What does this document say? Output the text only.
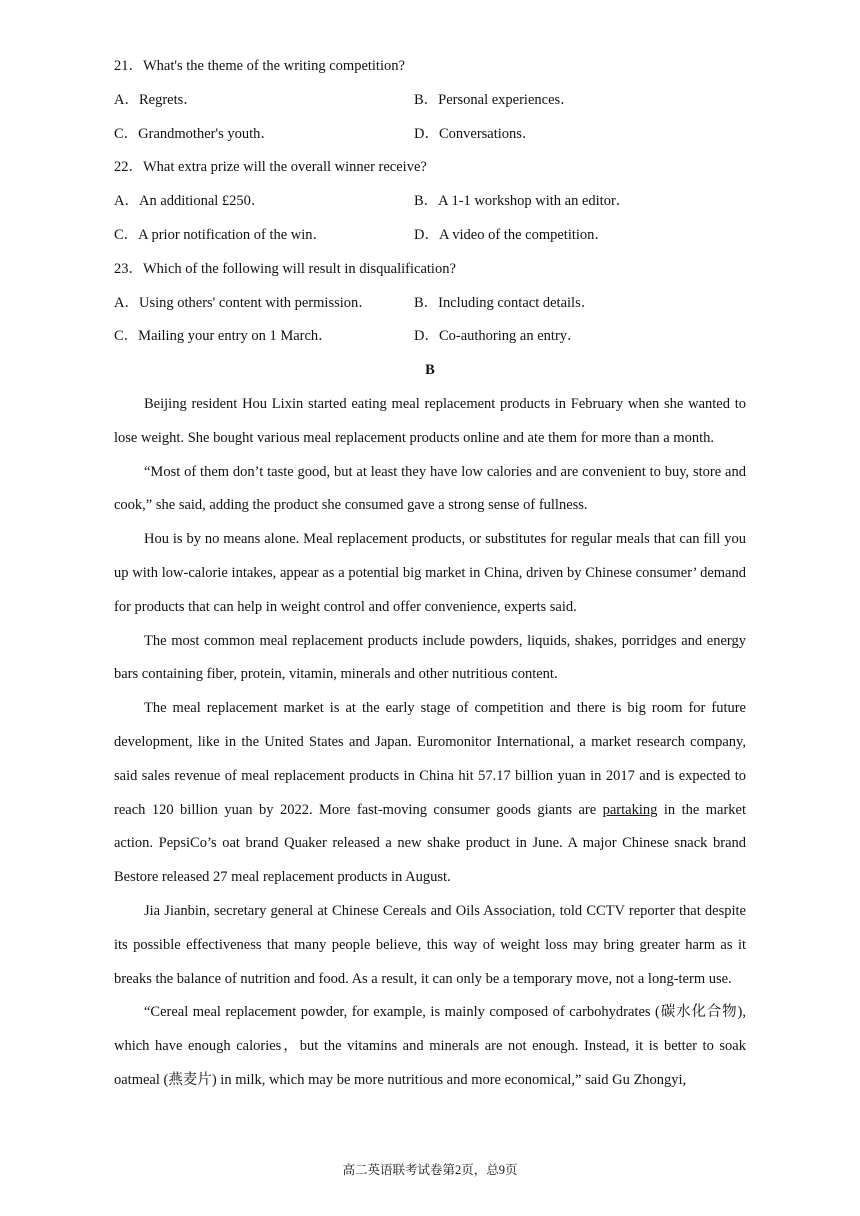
21．What's the theme of the writing competition?
A．Regrets．	B．Personal experiences．
C．Grandmother's youth．	D．Conversations．
22．What extra prize will the overall winner receive?
A．An additional £250．	B．A 1-1 workshop with an editor．
C．A prior notification of the win．	D．A video of the competition．
23．Which of the following will result in disqualification?
A．Using others' content with permission．	B．Including contact details．
C．Mailing your entry on 1 March．	D．Co-authoring an entry．
B

Beijing resident Hou Lixin started eating meal replacement products in February when she wanted to lose weight. She bought various meal replacement products online and ate them for more than a month.

“Most of them don’t taste good, but at least they have low calories and are convenient to buy, store and cook,” she said, adding the product she consumed gave a strong sense of fullness.

Hou is by no means alone. Meal replacement products, or substitutes for regular meals that can fill you up with low-calorie intakes, appear as a potential big market in China, driven by Chinese consumer’ demand for products that can help in weight control and offer convenience, experts said.

The most common meal replacement products include powders, liquids, shakes, porridges and energy bars containing fiber, protein, vitamin, minerals and other nutritious content.

The meal replacement market is at the early stage of competition and there is big room for future development, like in the United States and Japan. Euromonitor International, a market research company, said sales revenue of meal replacement products in China hit 57.17 billion yuan in 2017 and is expected to reach 120 billion yuan by 2022. More fast-moving consumer goods giants are partaking in the market action. PepsiCo’s oat brand Quaker released a new shake product in June. A major Chinese snack brand Bestore released 27 meal replacement products in August.

Jia Jianbin, secretary general at Chinese Cereals and Oils Association, told CCTV reporter that despite its possible effectiveness that many people believe, this way of weight loss may bring greater harm as it breaks the balance of nutrition and food. As a result, it can only be a temporary move, not a long-term use.

“Cereal meal replacement powder, for example, is mainly composed of carbohydrates (碳水化合物), which have enough calories，but the vitamins and minerals are not enough. Instead, it is better to soak oatmeal (燕麦片) in milk, which may be more nutritious and more economical,” said Gu Zhongyi,

高二英语联考试卷第2页，总9页
